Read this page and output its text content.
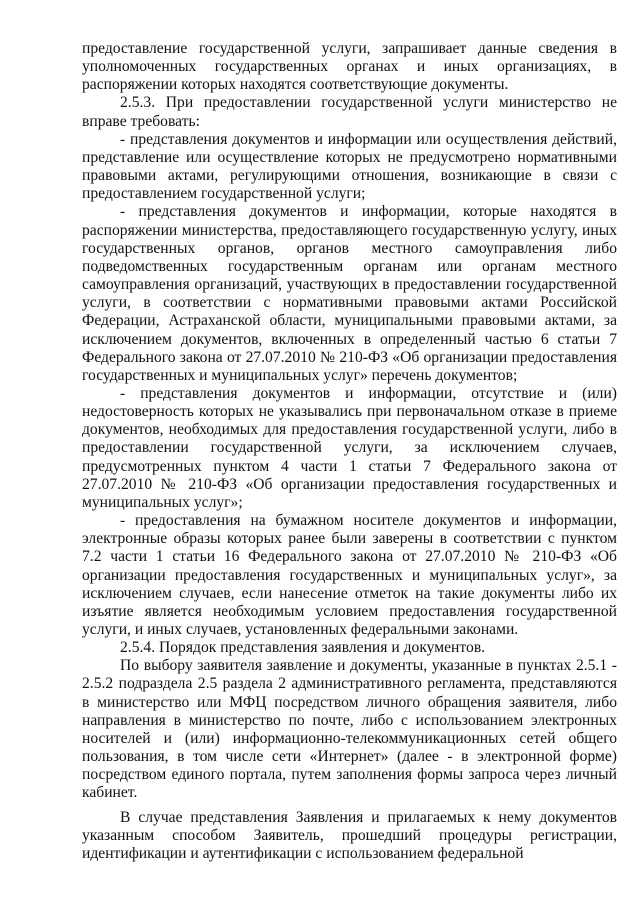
предоставление государственной услуги, запрашивает данные сведения в уполномоченных государственных органах и иных организациях, в распоряжении которых находятся соответствующие документы.

2.5.3. При предоставлении государственной услуги министерство не вправе требовать:

- представления документов и информации или осуществления действий, представление или осуществление которых не предусмотрено нормативными правовыми актами, регулирующими отношения, возникающие в связи с предоставлением государственной услуги;

- представления документов и информации, которые находятся в распоряжении министерства, предоставляющего государственную услугу, иных государственных органов, органов местного самоуправления либо подведомственных государственным органам или органам местного самоуправления организаций, участвующих в предоставлении государственной услуги, в соответствии с нормативными правовыми актами Российской Федерации, Астраханской области, муниципальными правовыми актами, за исключением документов, включенных в определенный частью 6 статьи 7 Федерального закона от 27.07.2010 № 210-ФЗ «Об организации предоставления государственных и муниципальных услуг» перечень документов;

- представления документов и информации, отсутствие и (или) недостоверность которых не указывались при первоначальном отказе в приеме документов, необходимых для предоставления государственной услуги, либо в предоставлении государственной услуги, за исключением случаев, предусмотренных пунктом 4 части 1 статьи 7 Федерального закона от 27.07.2010 № 210-ФЗ «Об организации предоставления государственных и муниципальных услуг»;

- предоставления на бумажном носителе документов и информации, электронные образы которых ранее были заверены в соответствии с пунктом 7.2 части 1 статьи 16 Федерального закона от 27.07.2010 № 210-ФЗ «Об организации предоставления государственных и муниципальных услуг», за исключением случаев, если нанесение отметок на такие документы либо их изъятие является необходимым условием предоставления государственной услуги, и иных случаев, установленных федеральными законами.

2.5.4. Порядок представления заявления и документов.

По выбору заявителя заявление и документы, указанные в пунктах 2.5.1 - 2.5.2 подраздела 2.5 раздела 2 административного регламента, представляются в министерство или МФЦ посредством личного обращения заявителя, либо направления в министерство по почте, либо с использованием электронных носителей и (или) информационно-телекоммуникационных сетей общего пользования, в том числе сети «Интернет» (далее - в электронной форме) посредством единого портала, путем заполнения формы запроса через личный кабинет.

В случае представления Заявления и прилагаемых к нему документов указанным способом Заявитель, прошедший процедуры регистрации, идентификации и аутентификации с использованием федеральной
